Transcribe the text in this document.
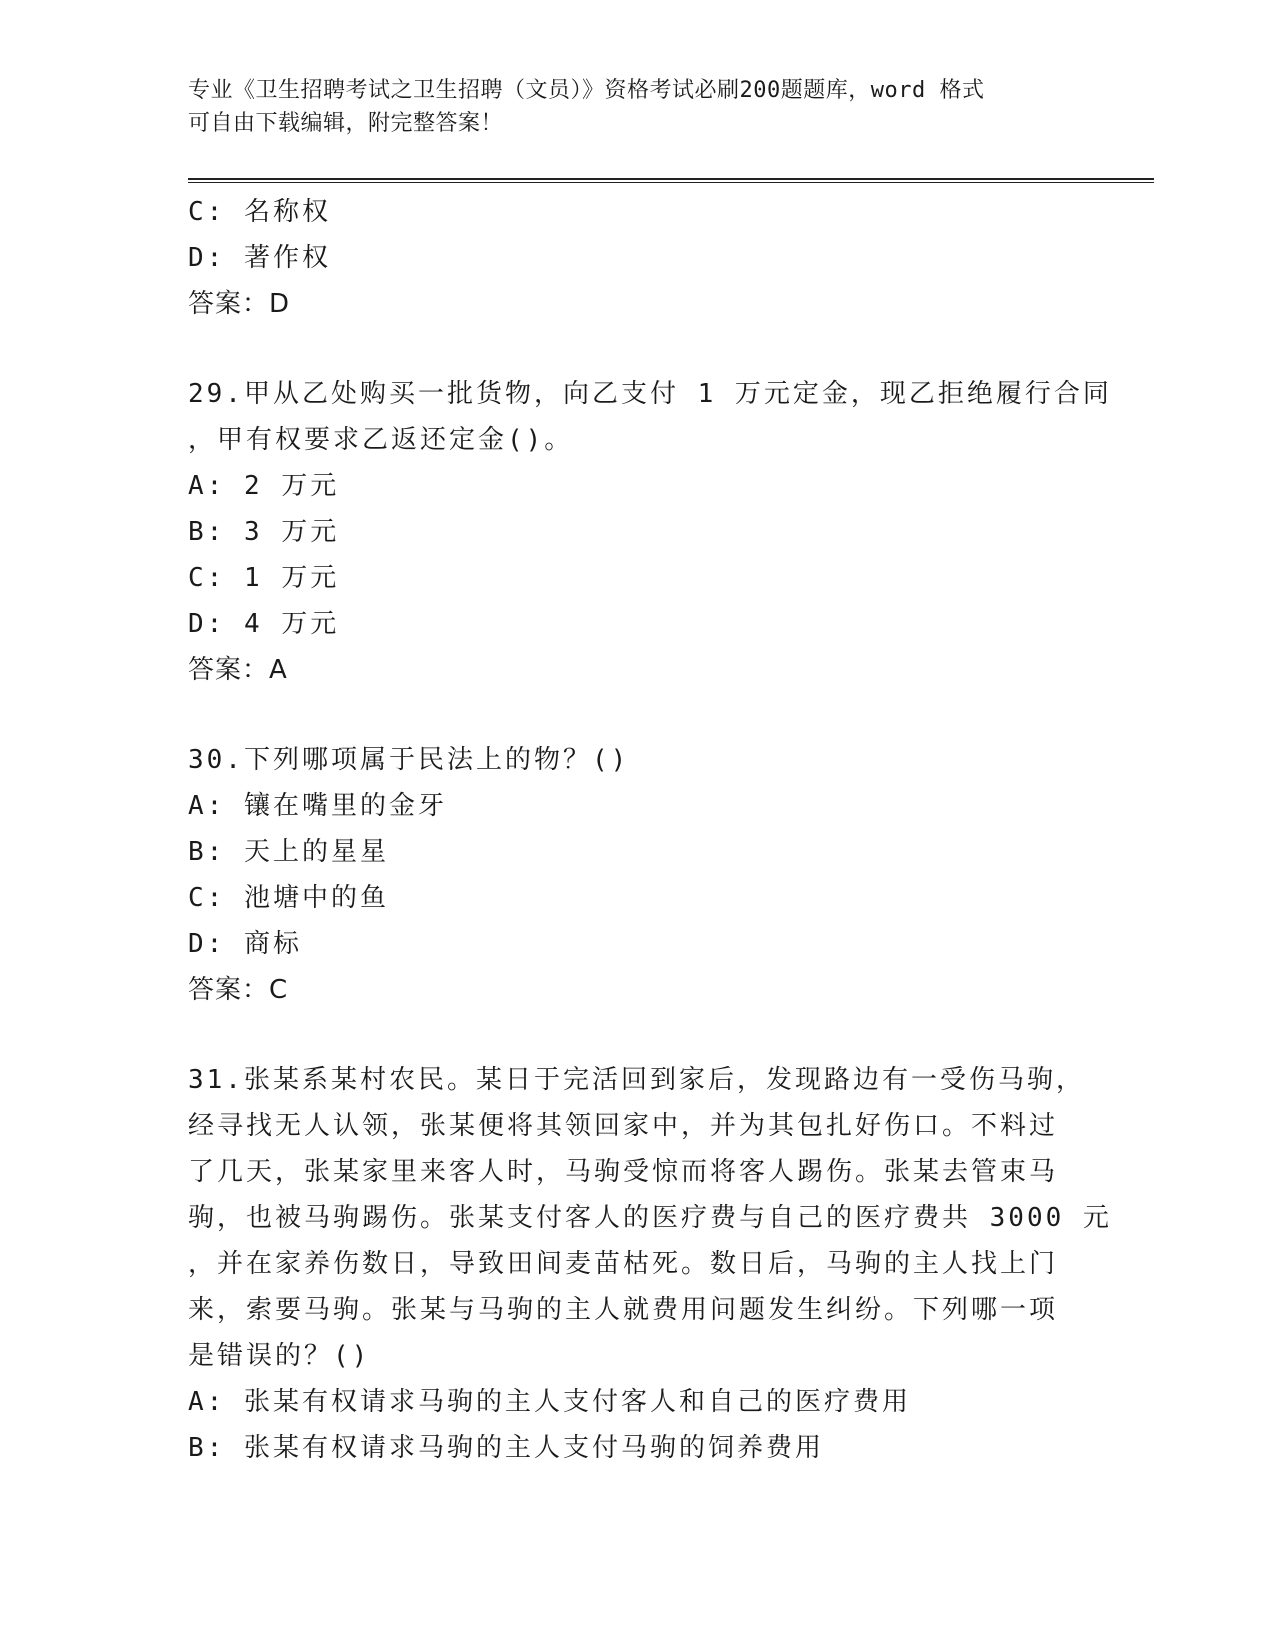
专业《卫生招聘考试之卫生招聘（文员）》资格考试必刷200题题库，word 格式
可自由下载编辑，附完整答案！

C: 名称权

D: 著作权

答案：D

29.甲从乙处购买一批货物，向乙支付 1 万元定金，现乙拒绝履行合同

，甲有权要求乙返还定金()。

A: 2 万元

B: 3 万元

C: 1 万元

D: 4 万元

答案：A

30.下列哪项属于民法上的物？()

A: 镶在嘴里的金牙

B: 天上的星星

C: 池塘中的鱼

D: 商标

答案：C

31.张某系某村农民。某日于完活回到家后，发现路边有一受伤马驹，

经寻找无人认领，张某便将其领回家中，并为其包扎好伤口。不料过

了几天，张某家里来客人时，马驹受惊而将客人踢伤。张某去管束马

驹，也被马驹踢伤。张某支付客人的医疗费与自己的医疗费共 3000 元

，并在家养伤数日，导致田间麦苗枯死。数日后，马驹的主人找上门

来，索要马驹。张某与马驹的主人就费用问题发生纠纷。下列哪一项

是错误的？()

A: 张某有权请求马驹的主人支付客人和自己的医疗费用

B: 张某有权请求马驹的主人支付马驹的饲养费用
